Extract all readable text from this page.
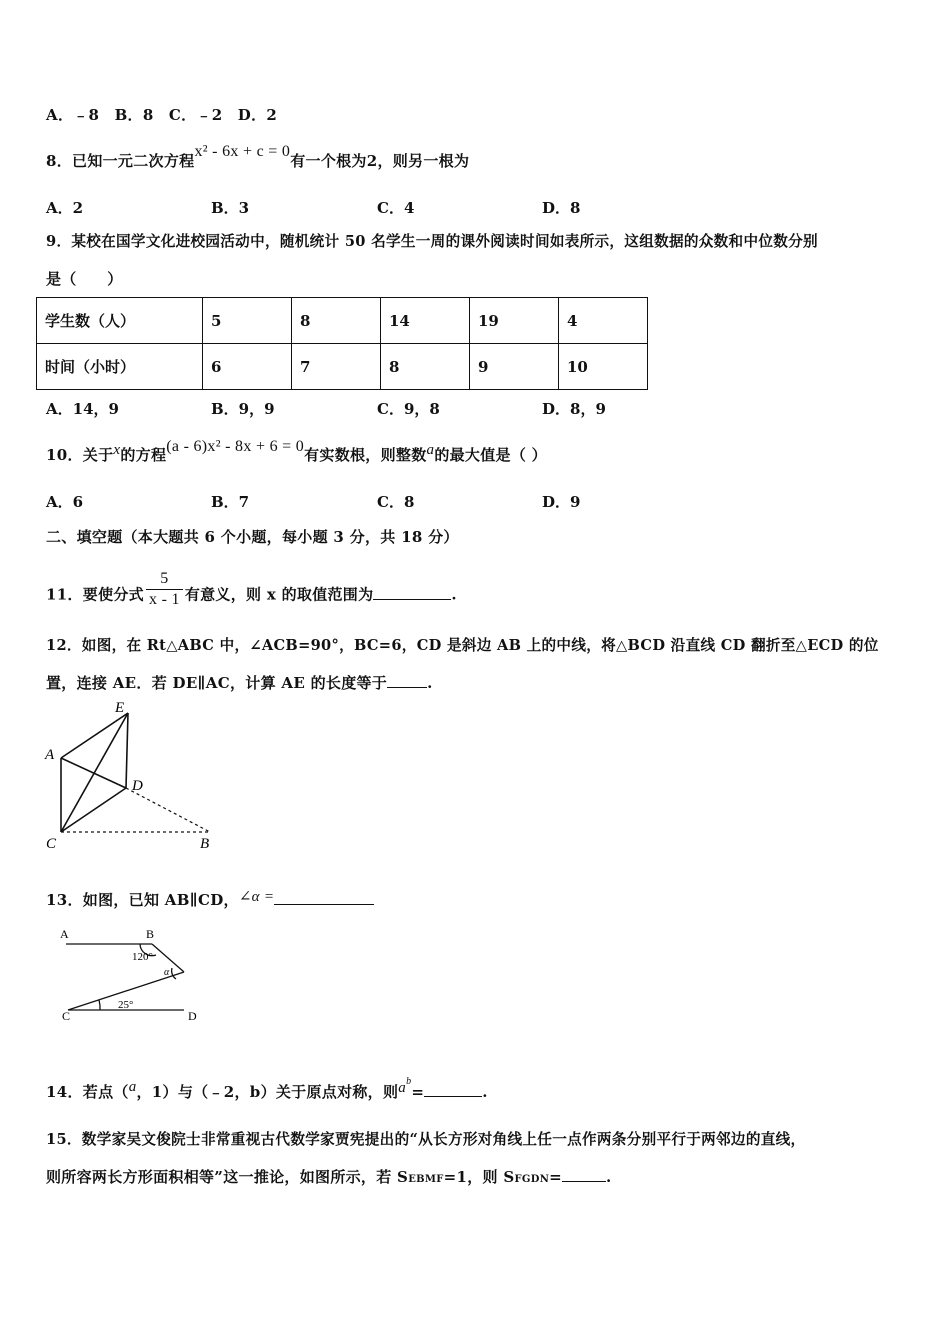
A．﹣8　B．8　C．﹣2　D．2
8．已知一元二次方程x² - 6x + c = 0有一个根为2，则另一根为
A．2	B．3	C．4	D．8
9．某校在国学文化进校园活动中，随机统计 50 名学生一周的课外阅读时间如表所示，这组数据的众数和中位数分别
是（　　）
学生数（人）	5	8	14	19	4
时间（小时）	6	7	8	9	10
A．14，9	B．9，9	C．9，8	D．8，9
10．关于x的方程(a - 6)x² - 8x + 6 = 0有实数根，则整数a的最大值是（ ）
A．6	B．7	C．8	D．9
二、填空题（本大题共 6 个小题，每小题 3 分，共 18 分）
11．要使分式 $\frac{5}{x - 1}$ 有意义，则 x 的取值范围为	.
12．如图，在 Rt△ABC 中，∠ACB=90°，BC=6，CD 是斜边 AB 上的中线，将△BCD 沿直线 CD 翻折至△ECD 的位
置，连接 AE．若 DE∥AC，计算 AE 的长度等于	.
E
A
D
C	B
13．如图，已知 AB∥CD，∠α =
A	B
120°
α
25°
C	D
14．若点（a，1）与（﹣2，b）关于原点对称，则$a^b=$	.
15．数学家吴文俊院士非常重视古代数学家贾宪提出的“从长方形对角线上任一点作两条分别平行于两邻边的直线，
则所容两长方形面积相等”这一推论，如图所示，若 SEBMF=1，则 SFGDN=	.
